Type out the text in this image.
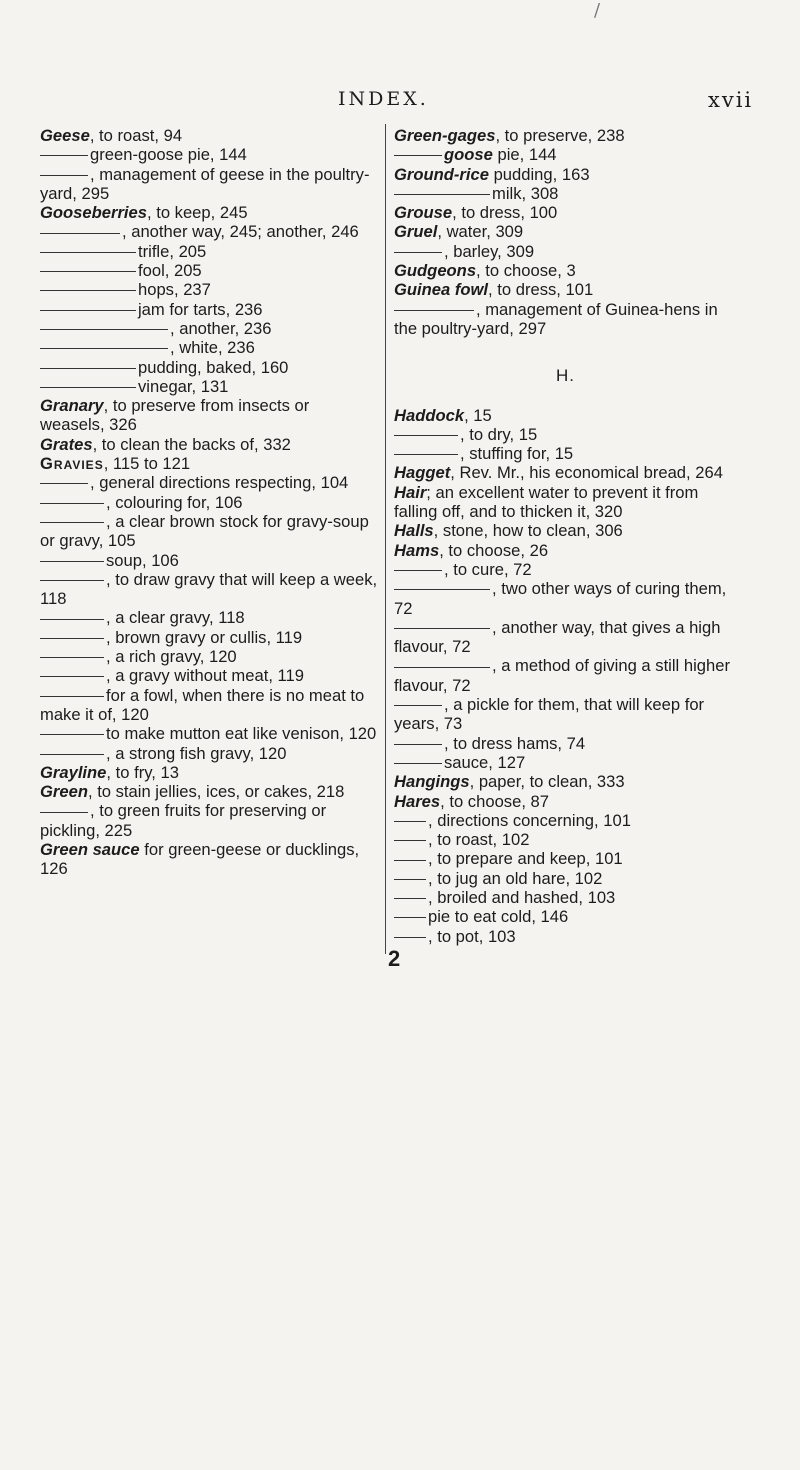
/
INDEX.	xvii
Geese, to roast, 94
green-goose pie, 144
, management of geese in the poultry-yard, 295
Gooseberries, to keep, 245
, another way, 245; another, 246
trifle, 205
fool, 205
hops, 237
jam for tarts, 236
, another, 236
, white, 236
pudding, baked, 160
vinegar, 131
Granary, to preserve from insects or weasels, 326
Grates, to clean the backs of, 332
Gravies, 115 to 121
, general directions respecting, 104
, colouring for, 106
, a clear brown stock for gravy-soup or gravy, 105
soup, 106
, to draw gravy that will keep a week, 118
, a clear gravy, 118
, brown gravy or cullis, 119
, a rich gravy, 120
, a gravy without meat, 119
for a fowl, when there is no meat to make it of, 120
to make mutton eat like venison, 120
, a strong fish gravy, 120
Grayline, to fry, 13
Green, to stain jellies, ices, or cakes, 218
, to green fruits for preserving or pickling, 225
Green sauce for green-geese or ducklings, 126
Green-gages, to preserve, 238
goose pie, 144
Ground-rice pudding, 163
milk, 308
Grouse, to dress, 100
Gruel, water, 309
, barley, 309
Gudgeons, to choose, 3
Guinea fowl, to dress, 101
, management of Guinea-hens in the poultry-yard, 297
H.
Haddock, 15
, to dry, 15
, stuffing for, 15
Hagget, Rev. Mr., his economical bread, 264
Hair; an excellent water to prevent it from falling off, and to thicken it, 320
Halls, stone, how to clean, 306
Hams, to choose, 26
, to cure, 72
, two other ways of curing them, 72
, another way, that gives a high flavour, 72
, a method of giving a still higher flavour, 72
, a pickle for them, that will keep for years, 73
, to dress hams, 74
sauce, 127
Hangings, paper, to clean, 333
Hares, to choose, 87
, directions concerning, 101
, to roast, 102
, to prepare and keep, 101
, to jug an old hare, 102
, broiled and hashed, 103
pie to eat cold, 146
, to pot, 103
2
